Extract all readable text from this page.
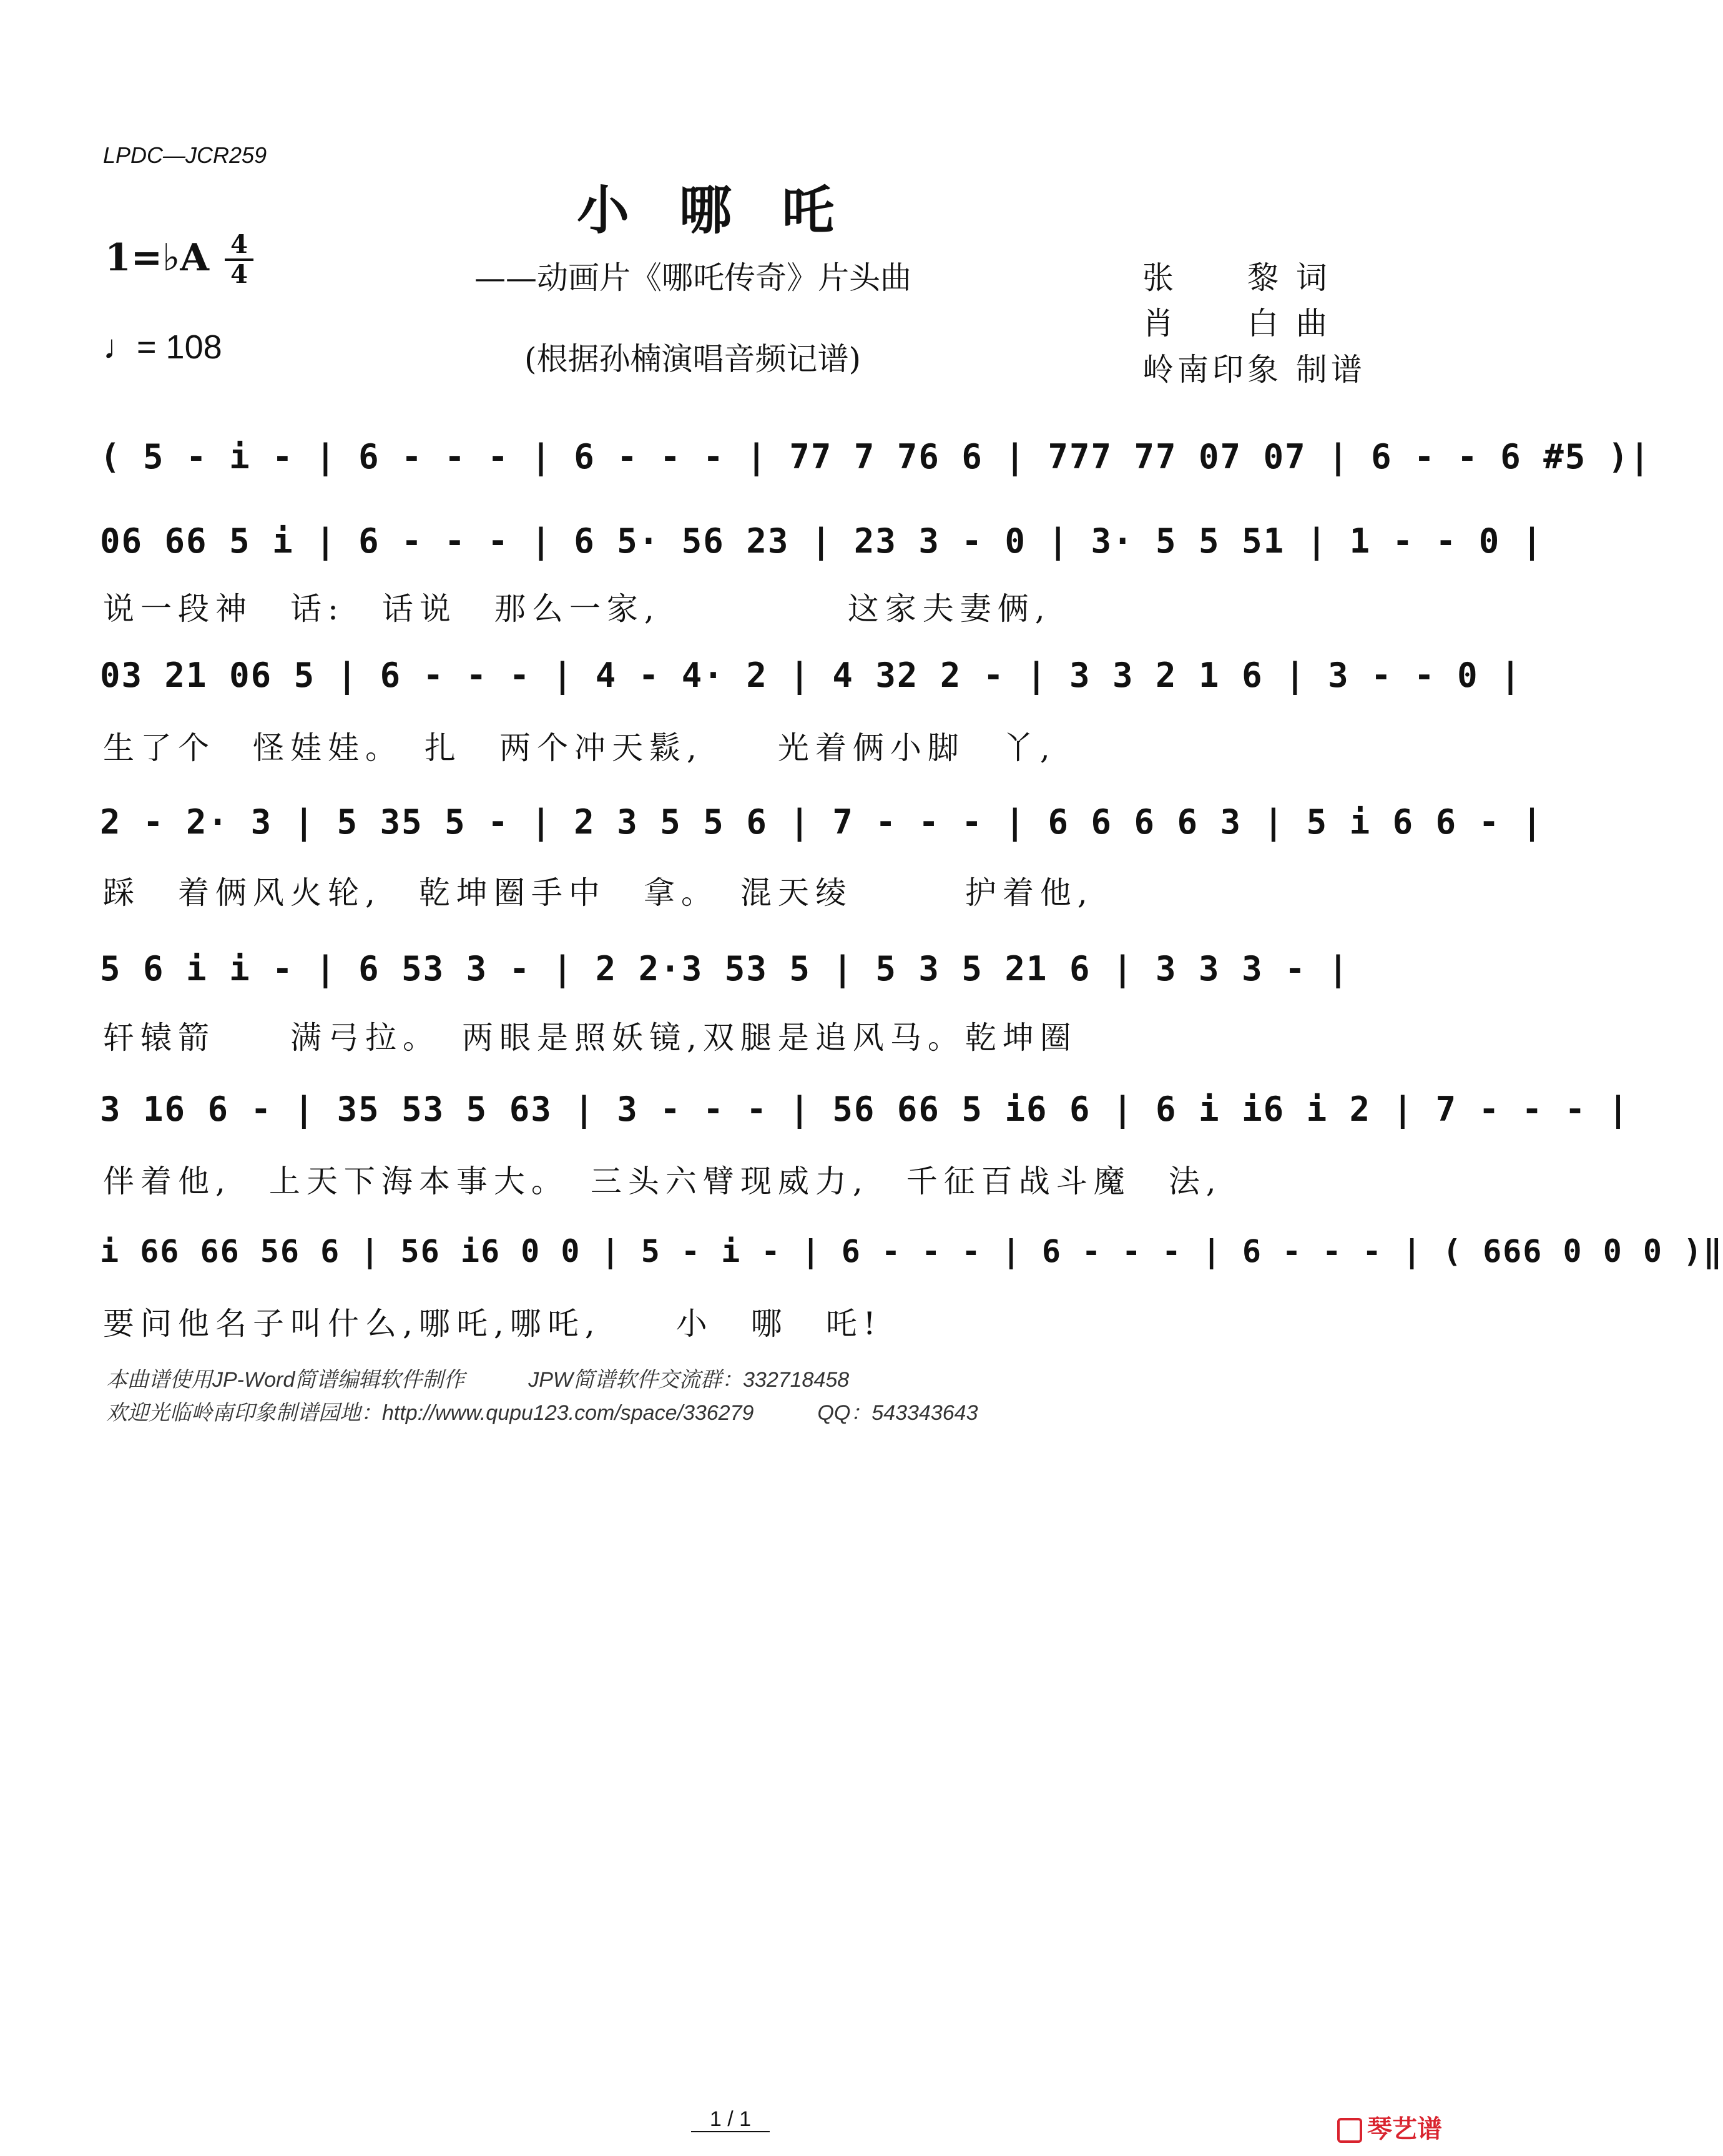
LPDC—JCR259
小哪吒
1=♭A 4
4
♩= 108
——动画片《哪吒传奇》片头曲
(根据孙楠演唱音频记谱)
张　　黎 词
肖　　白 曲
岭南印象 制谱
( 5 - i - | 6 - - - | 6 - - - | 77 7 76 6 | 777 77 07 07 | 6 - - 6 #5 )|
06 66 5 i | 6 - - - | 6 5· 56 23 | 23 3 - 0 | 3· 5 5 51 | 1 - - 0 |
说一段神　话:　话说　那么一家,　　　　　这家夫妻俩,
03 21 06 5 | 6 - - - | 4 - 4· 2 | 4 32 2 - | 3 3 2 1 6 | 3 - - 0 |
生了个　怪娃娃。　扎　两个冲天鬏,　　光着俩小脚　丫,
2 - 2· 3 | 5 35 5 - | 2 3 5 5 6 | 7 - - - | 6 6 6 6 3 | 5 i 6 6 - |
踩　着俩风火轮,　乾坤圈手中　拿。　混天绫　　　护着他,
5 6 i i - | 6 53 3 - | 2 2·3 53 5 | 5 3 5 21 6 | 3 3 3 - |
轩辕箭　　满弓拉。　两眼是照妖镜,双腿是追风马。乾坤圈
3 16 6 - | 35 53 5 63 | 3 - - - | 56 66 5 i6 6 | 6 i i6 i 2 | 7 - - - |
伴着他,　上天下海本事大。　三头六臂现威力,　千征百战斗魔　法,
i 66 66 56 6 | 56 i6 0 0 | 5 - i - | 6 - - - | 6 - - - | 6 - - - | ( 666 0 0 0 )‖
要问他名子叫什么,哪吒,哪吒,　　小　哪　吒!
本曲谱使用JP-Word简谱编辑软件制作　　　JPW简谱软件交流群：332718458
欢迎光临岭南印象制谱园地：http://www.qupu123.com/space/336279　　　QQ：543343643
1 / 1	琴艺谱
